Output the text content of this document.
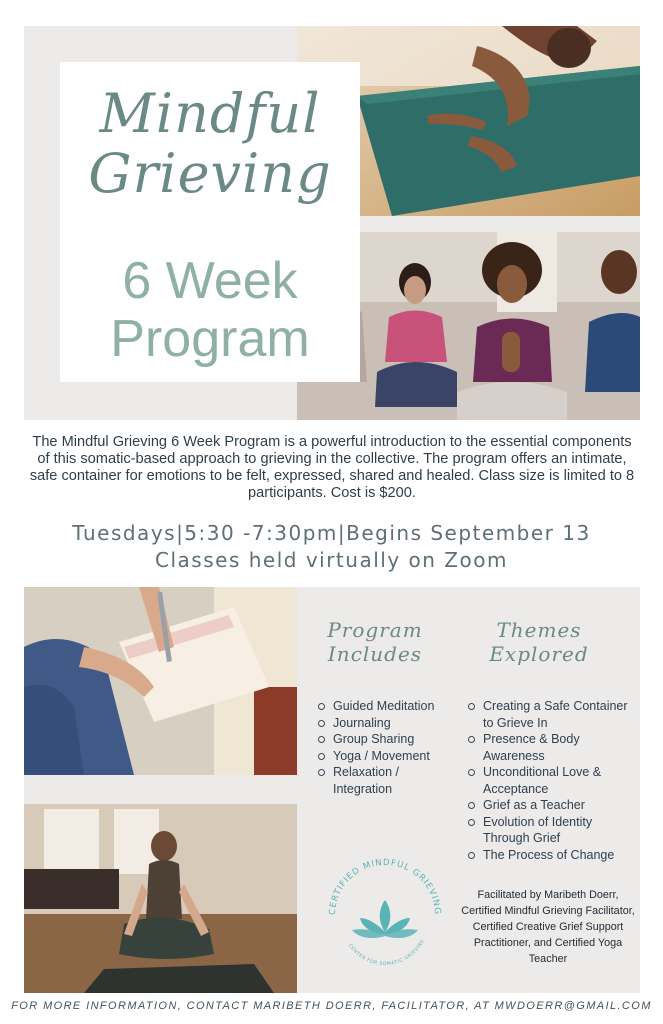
Mindful
Grieving
6 Week
Program
The Mindful Grieving 6 Week Program is a powerful introduction to the essential components of this somatic-based approach to grieving in the collective. The program offers an intimate, safe container for emotions to be felt, expressed, shared and healed. Class size is limited to 8 participants. Cost is $200.
Tuesdays|5:30 -7:30pm|Begins September 13
Classes held virtually on Zoom
Program
Includes
Guided Meditation
Journaling
Group Sharing
Yoga / Movement
Relaxation / Integration
Themes
Explored
Creating a Safe Container to Grieve In
Presence & Body Awareness
Unconditional Love & Acceptance
Grief as a Teacher
Evolution of Identity Through Grief
The Process of Change
CERTIFIED MINDFUL GRIEVING
CENTER FOR SOMATIC GRIEVING
Facilitated by Maribeth Doerr, Certified Mindful Grieving Facilitator, Certified Creative Grief Support Practitioner, and Certified Yoga Teacher
FOR MORE INFORMATION, CONTACT MARIBETH DOERR, FACILITATOR, AT MWDOERR@GMAIL.COM
